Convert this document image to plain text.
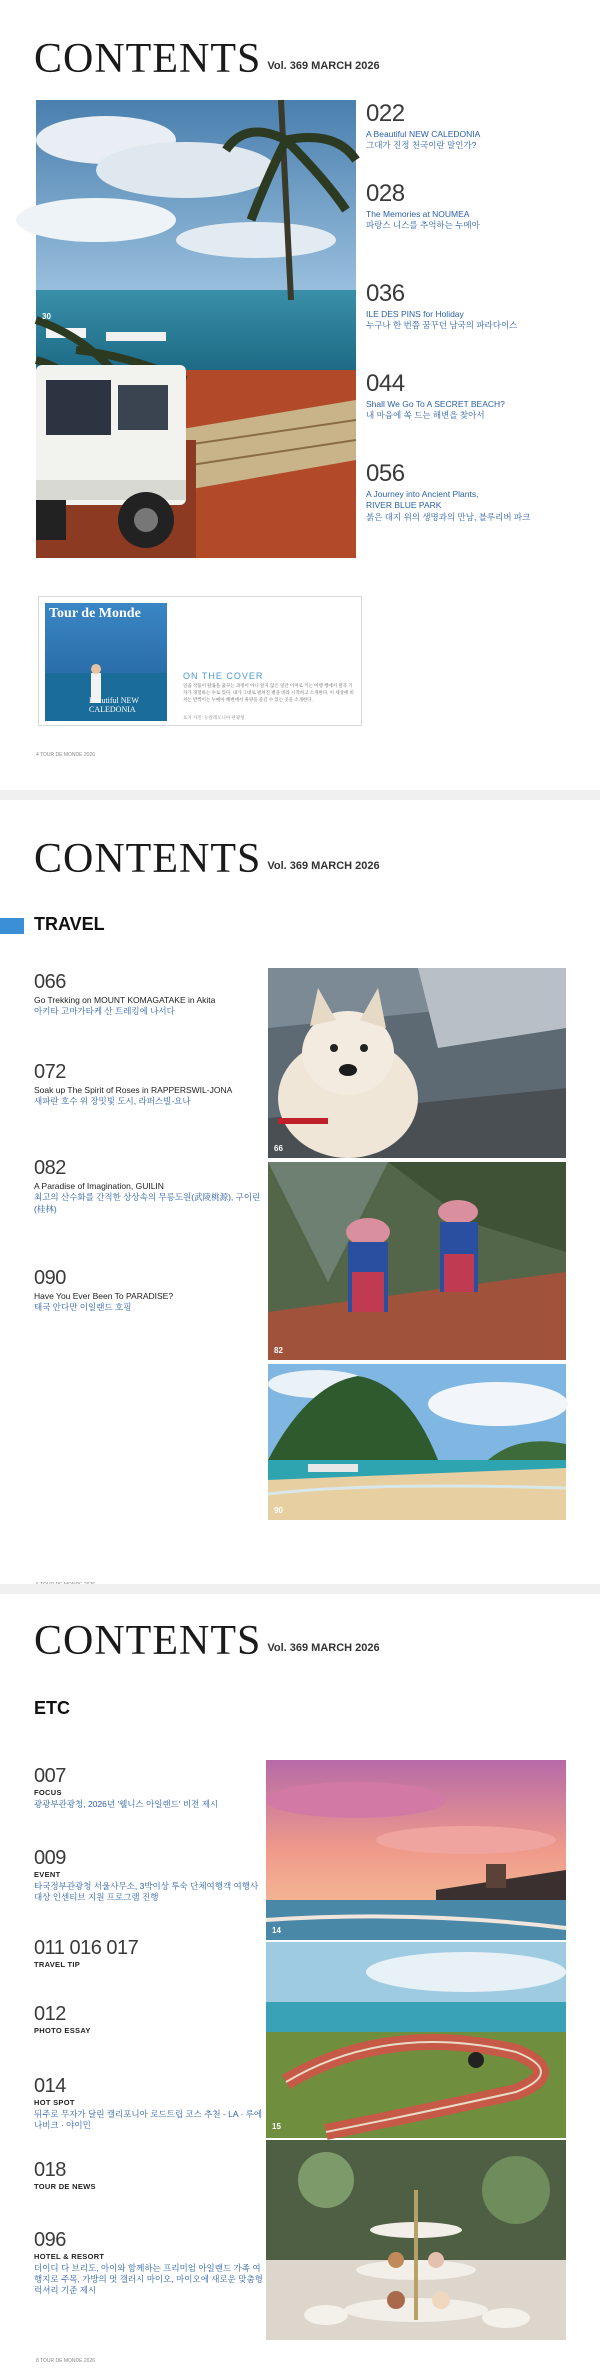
CONTENTS Vol. 369 MARCH 2026
30
022
A Beautiful NEW CALEDONIA
그대가 진정 천국이란 말인가?
028
The Memories at NOUMEA
파랑스 니스를 추억하는 누메아
036
ILE DES PINS for Holiday
누구나 한 번쯤 꿈꾸던 남국의 파라다이스
044
Shall We Go To A SECRET BEACH?
내 마음에 쏙 드는 해변을 찾아서
056
A Journey into Ancient Plants, RIVER BLUE PARK
붉은 대지 위의 생명과의 만남, 블루리버 파크
Tour de Monde
Beautiful NEW CALEDONIA
ON THE COVER
일곱 작품이 탈률을 꿈꾸는 과정이 아니 알지 않은 일간 이미로 키는 여행 행에서 탈곡 기자가 경험하는 수로 있다. 내가 그대로 펼쳐진 별을 바라 시작하고 소개한다. 이 세상에 비치는 반짝이는 누메아 해변에서 휴양을 즐길 수 있는 곳을 소개한다.
표지 사진: 뉴칼레도니아 관광청
4 TOUR DE MONDE 2026
CONTENTS Vol. 369 MARCH 2026
TRAVEL
066
Go Trekking on MOUNT KOMAGATAKE in Akita
아키타 고마가타케 산 트레킹에 나서다
072
Soak up The Spirit of Roses in RAPPERSWIL-JONA
새파란 호수 위 장밋빛 도시, 라퍼스빌-요나
082
A Paradise of Imagination, GUILIN
최고의 산수화를 간직한 상상속의 무릉도원(武陵桃源), 구이린(桂林)
090
Have You Ever Been To PARADISE?
태국 안다만 이일랜드 호핑
66
82
90
CONTENTS Vol. 369 MARCH 2026
ETC
007
FOCUS
광광부관광청, 2026년 '웰니스 아일랜드' 비전 제시
009
EVENT
타국정부관광청 서울사무소, 3박이상 투숙 단체여행객 여행사 대상 인센티브 지원 프로그램 진행
011 016 017
TRAVEL TIP
012
PHOTO ESSAY
014
HOT SPOT
뒤주로 무자가 달린 캘리포니아 로드트립 코스 추천 - LA · 루에나비크 · 야이민
018
TOUR DE NEWS
096
HOTEL & RESORT
더이디 다 브리도, 아이와 함께하는 프리미엄 아일랜드 가족 여행지로 주목, 가방의 멋 갤러시 마이오, 마이오에 새로운 맞춤형 럭셔리 기준 제시
14
15
8 TOUR DE MONDE 2026
